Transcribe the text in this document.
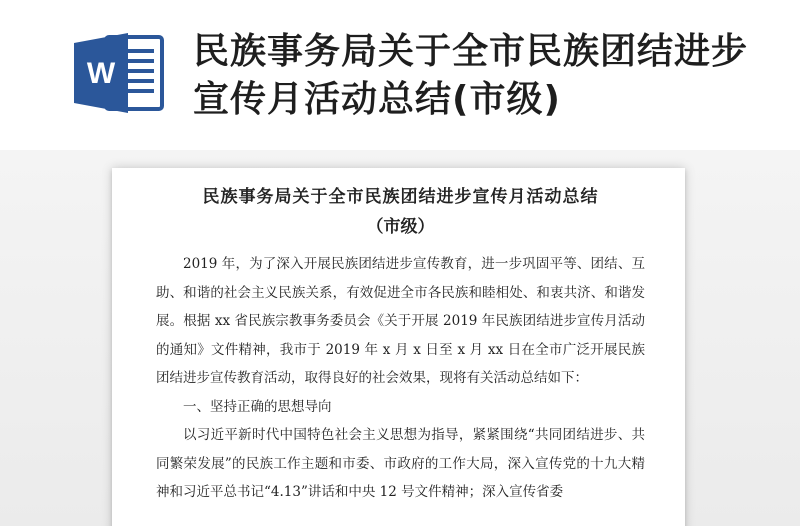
W
民族事务局关于全市民族团结进步宣传月活动总结(市级)
民族事务局关于全市民族团结进步宣传月活动总结
（市级）

2019 年，为了深入开展民族团结进步宣传教育，进一步巩固平等、团结、互助、和谐的社会主义民族关系，有效促进全市各民族和睦相处、和衷共济、和谐发展。根据 xx 省民族宗教事务委员会《关于开展 2019 年民族团结进步宣传月活动的通知》文件精神，我市于 2019 年 x 月 x 日至 x 月 xx 日在全市广泛开展民族团结进步宣传教育活动，取得良好的社会效果，现将有关活动总结如下：

一、坚持正确的思想导向

以习近平新时代中国特色社会主义思想为指导，紧紧围绕“共同团结进步、共同繁荣发展”的民族工作主题和市委、市政府的工作大局，深入宣传党的十九大精神和习近平总书记“4.13”讲话和中央 12 号文件精神；深入宣传省委
